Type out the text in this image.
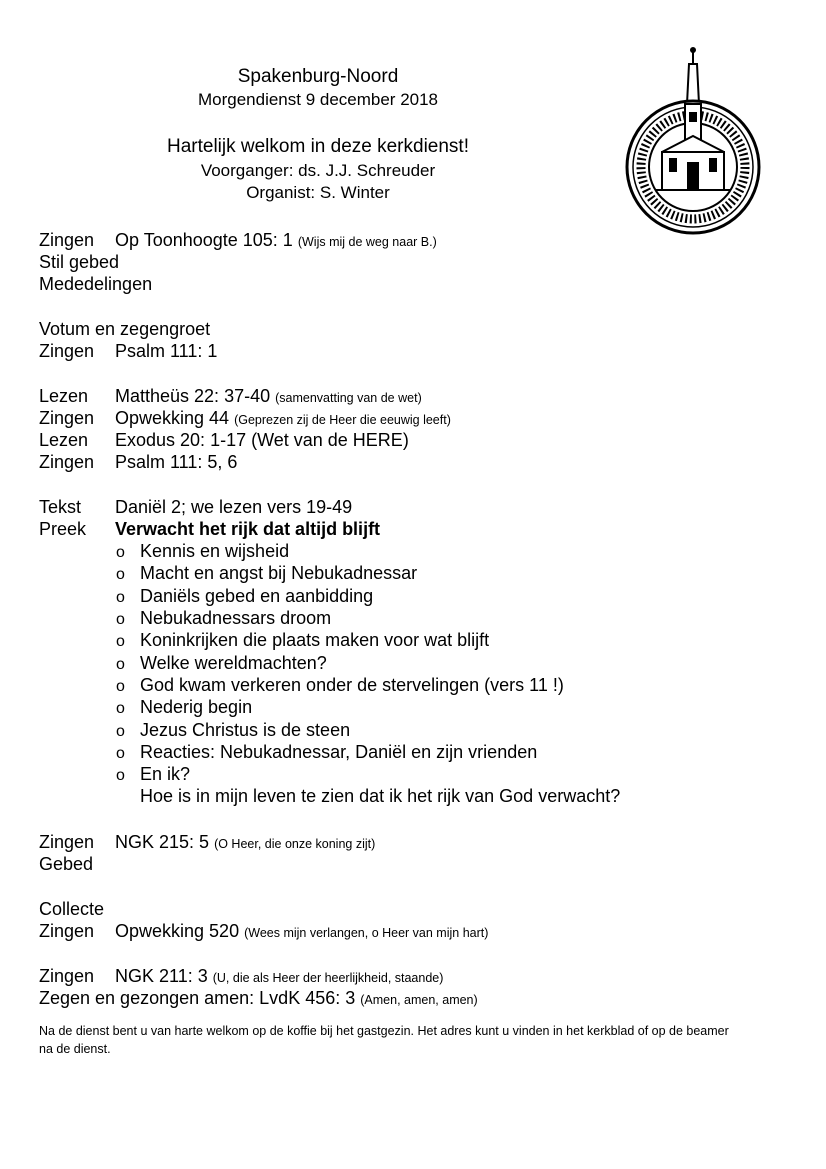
Spakenburg-Noord
Morgendienst 9 december 2018
Hartelijk welkom in deze kerkdienst!
Voorganger: ds. J.J. Schreuder
Organist: S. Winter
Zingen Op Toonhoogte 105: 1 (Wijs mij de weg naar B.)
Stil gebed
Mededelingen
Votum en zegengroet
Zingen Psalm 111: 1
Lezen Mattheüs 22: 37-40 (samenvatting van de wet)
Zingen Opwekking 44 (Geprezen zij de Heer die eeuwig leeft)
Lezen Exodus 20: 1-17 (Wet van de HERE)
Zingen Psalm 111: 5, 6
Tekst Daniël 2; we lezen vers 19-49
Preek Verwacht het rijk dat altijd blijft
o Kennis en wijsheid
o Macht en angst bij Nebukadnessar
o Daniëls gebed en aanbidding
o Nebukadnessars droom
o Koninkrijken die plaats maken voor wat blijft
o Welke wereldmachten?
o God kwam verkeren onder de stervelingen (vers 11 !)
o Nederig begin
o Jezus Christus is de steen
o Reacties: Nebukadnessar, Daniël en zijn vrienden
o En ik?
Hoe is in mijn leven te zien dat ik het rijk van God verwacht?
Zingen NGK 215: 5 (O Heer, die onze koning zijt)
Gebed
Collecte
Zingen Opwekking 520 (Wees mijn verlangen, o Heer van mijn hart)
Zingen NGK 211: 3 (U, die als Heer der heerlijkheid, staande)
Zegen en gezongen amen: LvdK 456: 3 (Amen, amen, amen)
Na de dienst bent u van harte welkom op de koffie bij het gastgezin. Het adres kunt u vinden in het kerkblad of op de beamer na de dienst.
